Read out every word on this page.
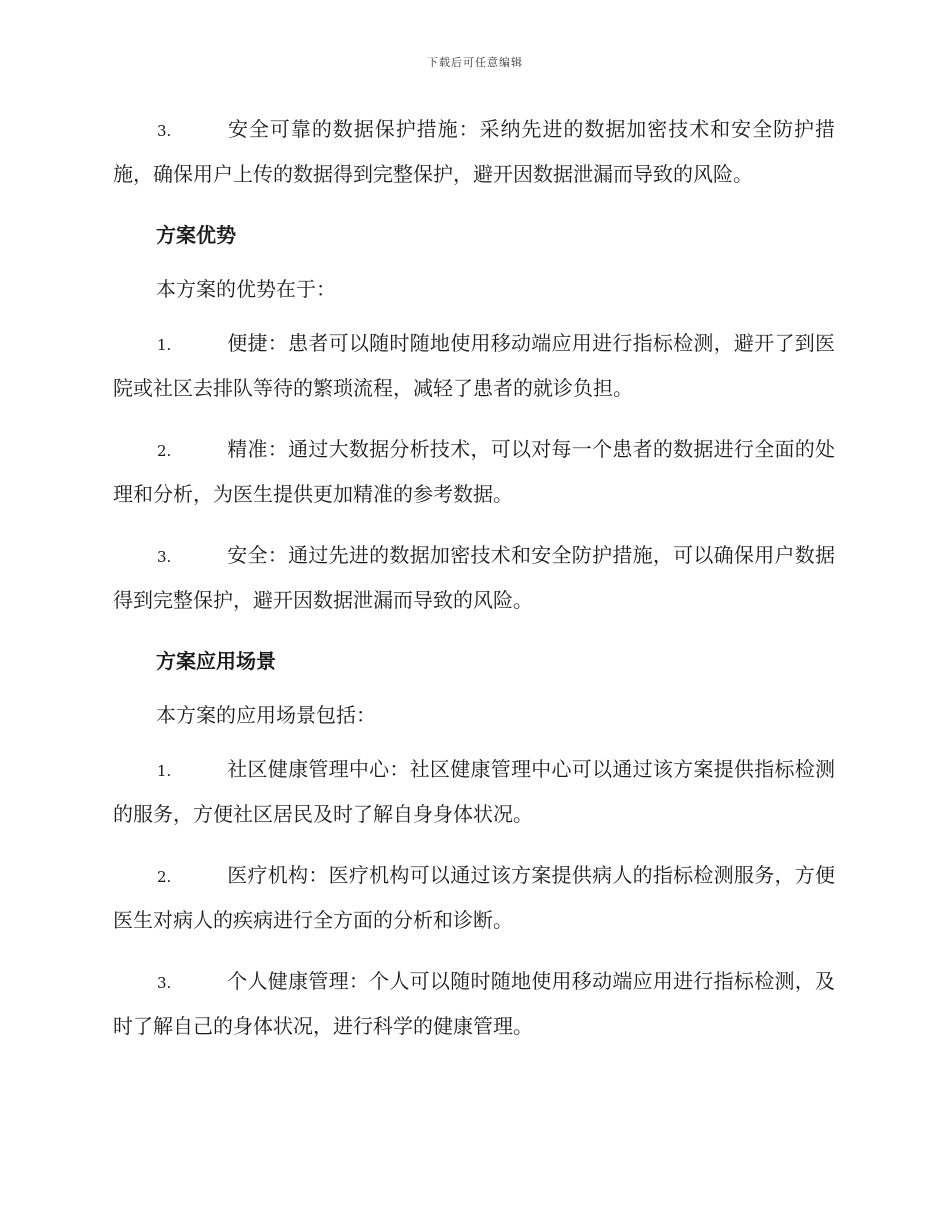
下载后可任意编辑

3.	安全可靠的数据保护措施：采纳先进的数据加密技术和安全防护措施，确保用户上传的数据得到完整保护，避开因数据泄漏而导致的风险。

方案优势
本方案的优势在于：

1.	便捷：患者可以随时随地使用移动端应用进行指标检测，避开了到医院或社区去排队等待的繁琐流程，减轻了患者的就诊负担。

2.	精准：通过大数据分析技术，可以对每一个患者的数据进行全面的处理和分析，为医生提供更加精准的参考数据。

3.	安全：通过先进的数据加密技术和安全防护措施，可以确保用户数据得到完整保护，避开因数据泄漏而导致的风险。

方案应用场景
本方案的应用场景包括：

1.	社区健康管理中心：社区健康管理中心可以通过该方案提供指标检测的服务，方便社区居民及时了解自身身体状况。

2.	医疗机构：医疗机构可以通过该方案提供病人的指标检测服务，方便医生对病人的疾病进行全方面的分析和诊断。

3.	个人健康管理：个人可以随时随地使用移动端应用进行指标检测，及时了解自己的身体状况，进行科学的健康管理。
